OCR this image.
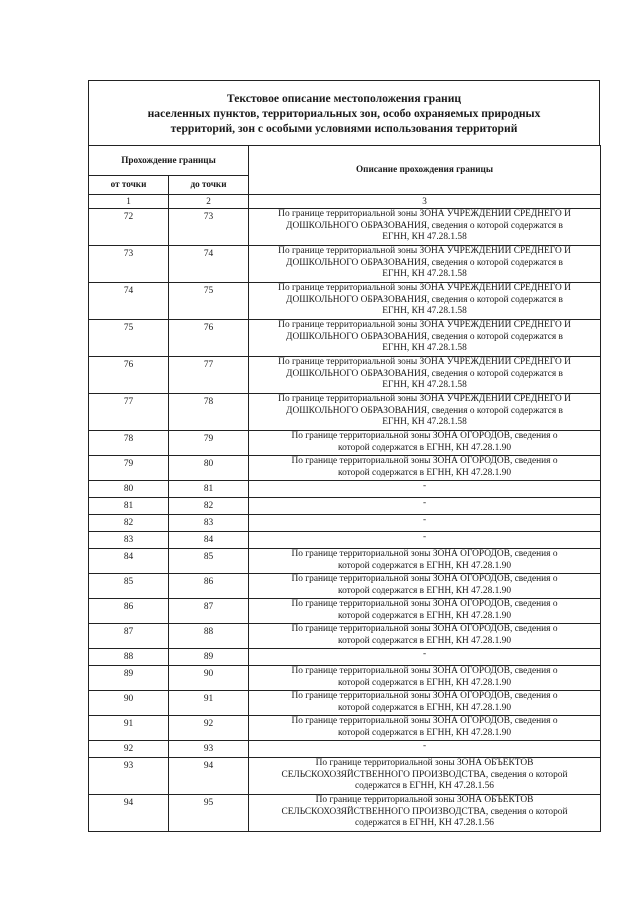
Текстовое описание местоположения границ
населенных пунктов, территориальных зон, особо охраняемых природных
территорий, зон с особыми условиями использования территорий
Прохождение границы		Описание прохождения границы
от точки	до точки	
1	2	3
72	73	По границе территориальной зоны ЗОНА УЧРЕЖДЕНИЙ СРЕДНЕГО И
ДОШКОЛЬНОГО ОБРАЗОВАНИЯ, сведения о которой содержатся в
ЕГНН, КН 47.28.1.58

73	74	По границе территориальной зоны ЗОНА УЧРЕЖДЕНИЙ СРЕДНЕГО И
ДОШКОЛЬНОГО ОБРАЗОВАНИЯ, сведения о которой содержатся в
ЕГНН, КН 47.28.1.58

74	75	По границе территориальной зоны ЗОНА УЧРЕЖДЕНИЙ СРЕДНЕГО И
ДОШКОЛЬНОГО ОБРАЗОВАНИЯ, сведения о которой содержатся в
ЕГНН, КН 47.28.1.58

75	76	По границе территориальной зоны ЗОНА УЧРЕЖДЕНИЙ СРЕДНЕГО И
ДОШКОЛЬНОГО ОБРАЗОВАНИЯ, сведения о которой содержатся в
ЕГНН, КН 47.28.1.58

76	77	По границе территориальной зоны ЗОНА УЧРЕЖДЕНИЙ СРЕДНЕГО И
ДОШКОЛЬНОГО ОБРАЗОВАНИЯ, сведения о которой содержатся в
ЕГНН, КН 47.28.1.58

77	78	По границе территориальной зоны ЗОНА УЧРЕЖДЕНИЙ СРЕДНЕГО И
ДОШКОЛЬНОГО ОБРАЗОВАНИЯ, сведения о которой содержатся в
ЕГНН, КН 47.28.1.58

78	79	По границе территориальной зоны ЗОНА ОГОРОДОВ, сведения о
которой содержатся в ЕГНН, КН 47.28.1.90

79	80	По границе территориальной зоны ЗОНА ОГОРОДОВ, сведения о
которой содержатся в ЕГНН, КН 47.28.1.90

80	81	-

81	82	-

82	83	-

83	84	-

84	85	По границе территориальной зоны ЗОНА ОГОРОДОВ, сведения о
которой содержатся в ЕГНН, КН 47.28.1.90

85	86	По границе территориальной зоны ЗОНА ОГОРОДОВ, сведения о
которой содержатся в ЕГНН, КН 47.28.1.90

86	87	По границе территориальной зоны ЗОНА ОГОРОДОВ, сведения о
которой содержатся в ЕГНН, КН 47.28.1.90

87	88	По границе территориальной зоны ЗОНА ОГОРОДОВ, сведения о
которой содержатся в ЕГНН, КН 47.28.1.90

88	89	-

89	90	По границе территориальной зоны ЗОНА ОГОРОДОВ, сведения о
которой содержатся в ЕГНН, КН 47.28.1.90

90	91	По границе территориальной зоны ЗОНА ОГОРОДОВ, сведения о
которой содержатся в ЕГНН, КН 47.28.1.90

91	92	По границе территориальной зоны ЗОНА ОГОРОДОВ, сведения о
которой содержатся в ЕГНН, КН 47.28.1.90

92	93	-

93	94	По границе территориальной зоны ЗОНА ОБЪЕКТОВ
СЕЛЬСКОХОЗЯЙСТВЕННОГО ПРОИЗВОДСТВА, сведения о которой
содержатся в ЕГНН, КН 47.28.1.56

94	95	По границе территориальной зоны ЗОНА ОБЪЕКТОВ
СЕЛЬСКОХОЗЯЙСТВЕННОГО ПРОИЗВОДСТВА, сведения о которой
содержатся в ЕГНН, КН 47.28.1.56
